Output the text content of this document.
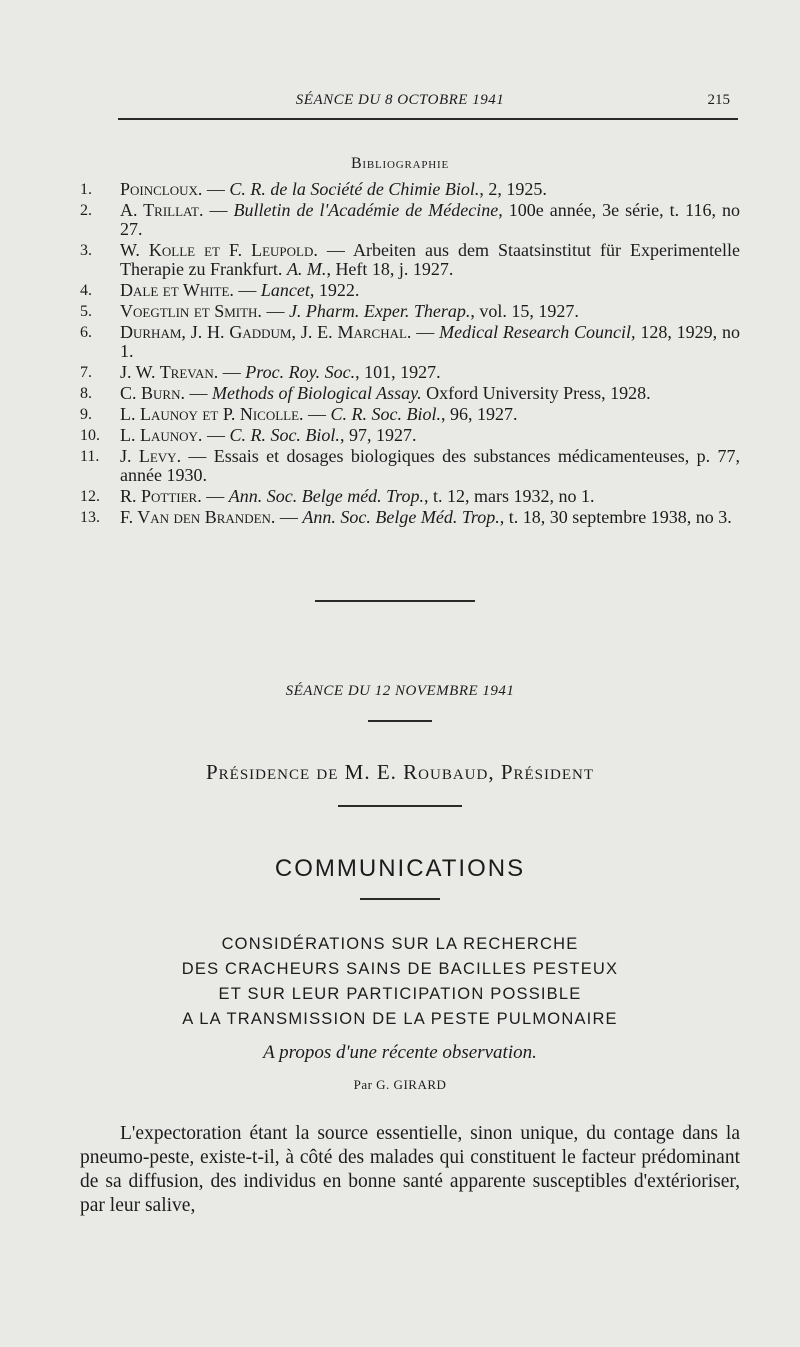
SÉANCE DU 8 OCTOBRE 1941	215
Bibliographie
1.	Poincloux. — C. R. de la Société de Chimie Biol., 2, 1925.
2.	A. Trillat. — Bulletin de l'Académie de Médecine, 100e année, 3e série, t. 116, no 27.
3.	W. Kolle et F. Leupold. — Arbeiten aus dem Staatsinstitut für Experimentelle Therapie zu Frankfurt. A. M., Heft 18, j. 1927.
4.	Dale et White. — Lancet, 1922.
5.	Voegtlin et Smith. — J. Pharm. Exper. Therap., vol. 15, 1927.
6.	Durham, J. H. Gaddum, J. E. Marchal. — Medical Research Council, 128, 1929, no 1.
7.	J. W. Trevan. — Proc. Roy. Soc., 101, 1927.
8.	C. Burn. — Methods of Biological Assay. Oxford University Press, 1928.
9.	L. Launoy et P. Nicolle. — C. R. Soc. Biol., 96, 1927.
10.	L. Launoy. — C. R. Soc. Biol., 97, 1927.
11.	J. Levy. — Essais et dosages biologiques des substances médicamenteuses, p. 77, année 1930.
12.	R. Pottier. — Ann. Soc. Belge méd. Trop., t. 12, mars 1932, no 1.
13.	F. Van den Branden. — Ann. Soc. Belge Méd. Trop., t. 18, 30 septembre 1938, no 3.
SÉANCE DU 12 NOVEMBRE 1941
Présidence de M. E. Roubaud, Président
COMMUNICATIONS
CONSIDÉRATIONS SUR LA RECHERCHE
DES CRACHEURS SAINS DE BACILLES PESTEUX
ET SUR LEUR PARTICIPATION POSSIBLE
A LA TRANSMISSION DE LA PESTE PULMONAIRE
A propos d'une récente observation.
Par G. GIRARD

L'expectoration étant la source essentielle, sinon unique, du contage dans la pneumo-peste, existe-t-il, à côté des malades qui constituent le facteur prédominant de sa diffusion, des individus en bonne santé apparente susceptibles d'extérioriser, par leur salive,
